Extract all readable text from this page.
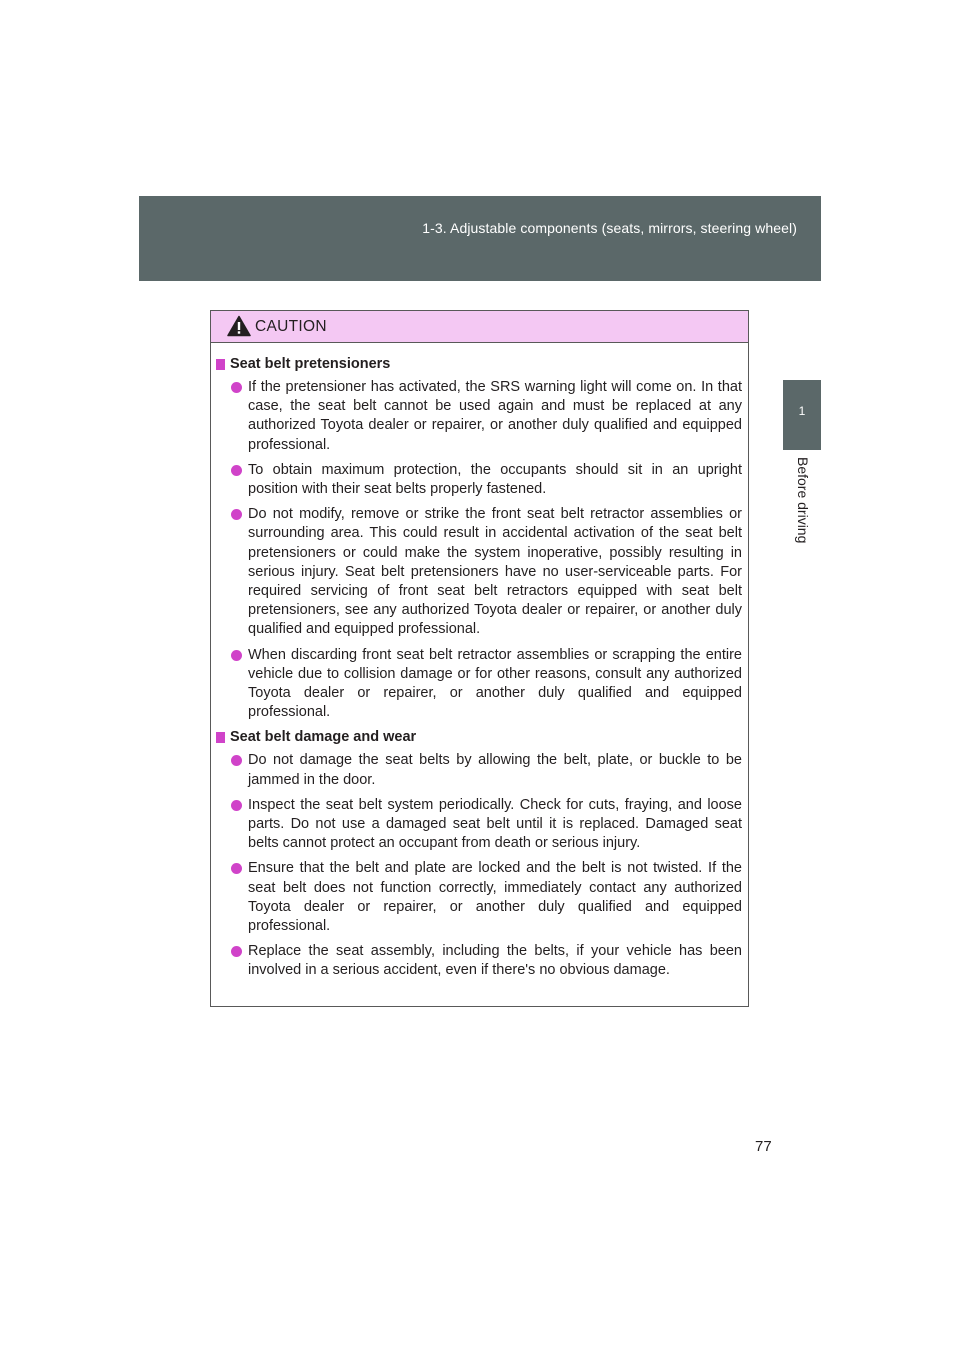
1-3. Adjustable components (seats, mirrors, steering wheel)
1
Before driving
CAUTION
Seat belt pretensioners
If the pretensioner has activated, the SRS warning light will come on. In that case, the seat belt cannot be used again and must be replaced at any authorized Toyota dealer or repairer, or another duly qualified and equipped professional.
To obtain maximum protection, the occupants should sit in an upright position with their seat belts properly fastened.
Do not modify, remove or strike the front seat belt retractor assemblies or surrounding area. This could result in accidental activation of the seat belt pretensioners or could make the system inoperative, possibly resulting in serious injury. Seat belt pretensioners have no user-serviceable parts. For required servicing of front seat belt retractors equipped with seat belt pretensioners, see any authorized Toyota dealer or repairer, or another duly qualified and equipped professional.
When discarding front seat belt retractor assemblies or scrapping the entire vehicle due to collision damage or for other reasons, consult any authorized Toyota dealer or repairer, or another duly qualified and equipped professional.
Seat belt damage and wear
Do not damage the seat belts by allowing the belt, plate, or buckle to be jammed in the door.
Inspect the seat belt system periodically. Check for cuts, fraying, and loose parts. Do not use a damaged seat belt until it is replaced. Damaged seat belts cannot protect an occupant from death or serious injury.
Ensure that the belt and plate are locked and the belt is not twisted. If the seat belt does not function correctly, immediately contact any authorized Toyota dealer or repairer, or another duly qualified and equipped professional.
Replace the seat assembly, including the belts, if your vehicle has been involved in a serious accident, even if there's no obvious damage.
77
